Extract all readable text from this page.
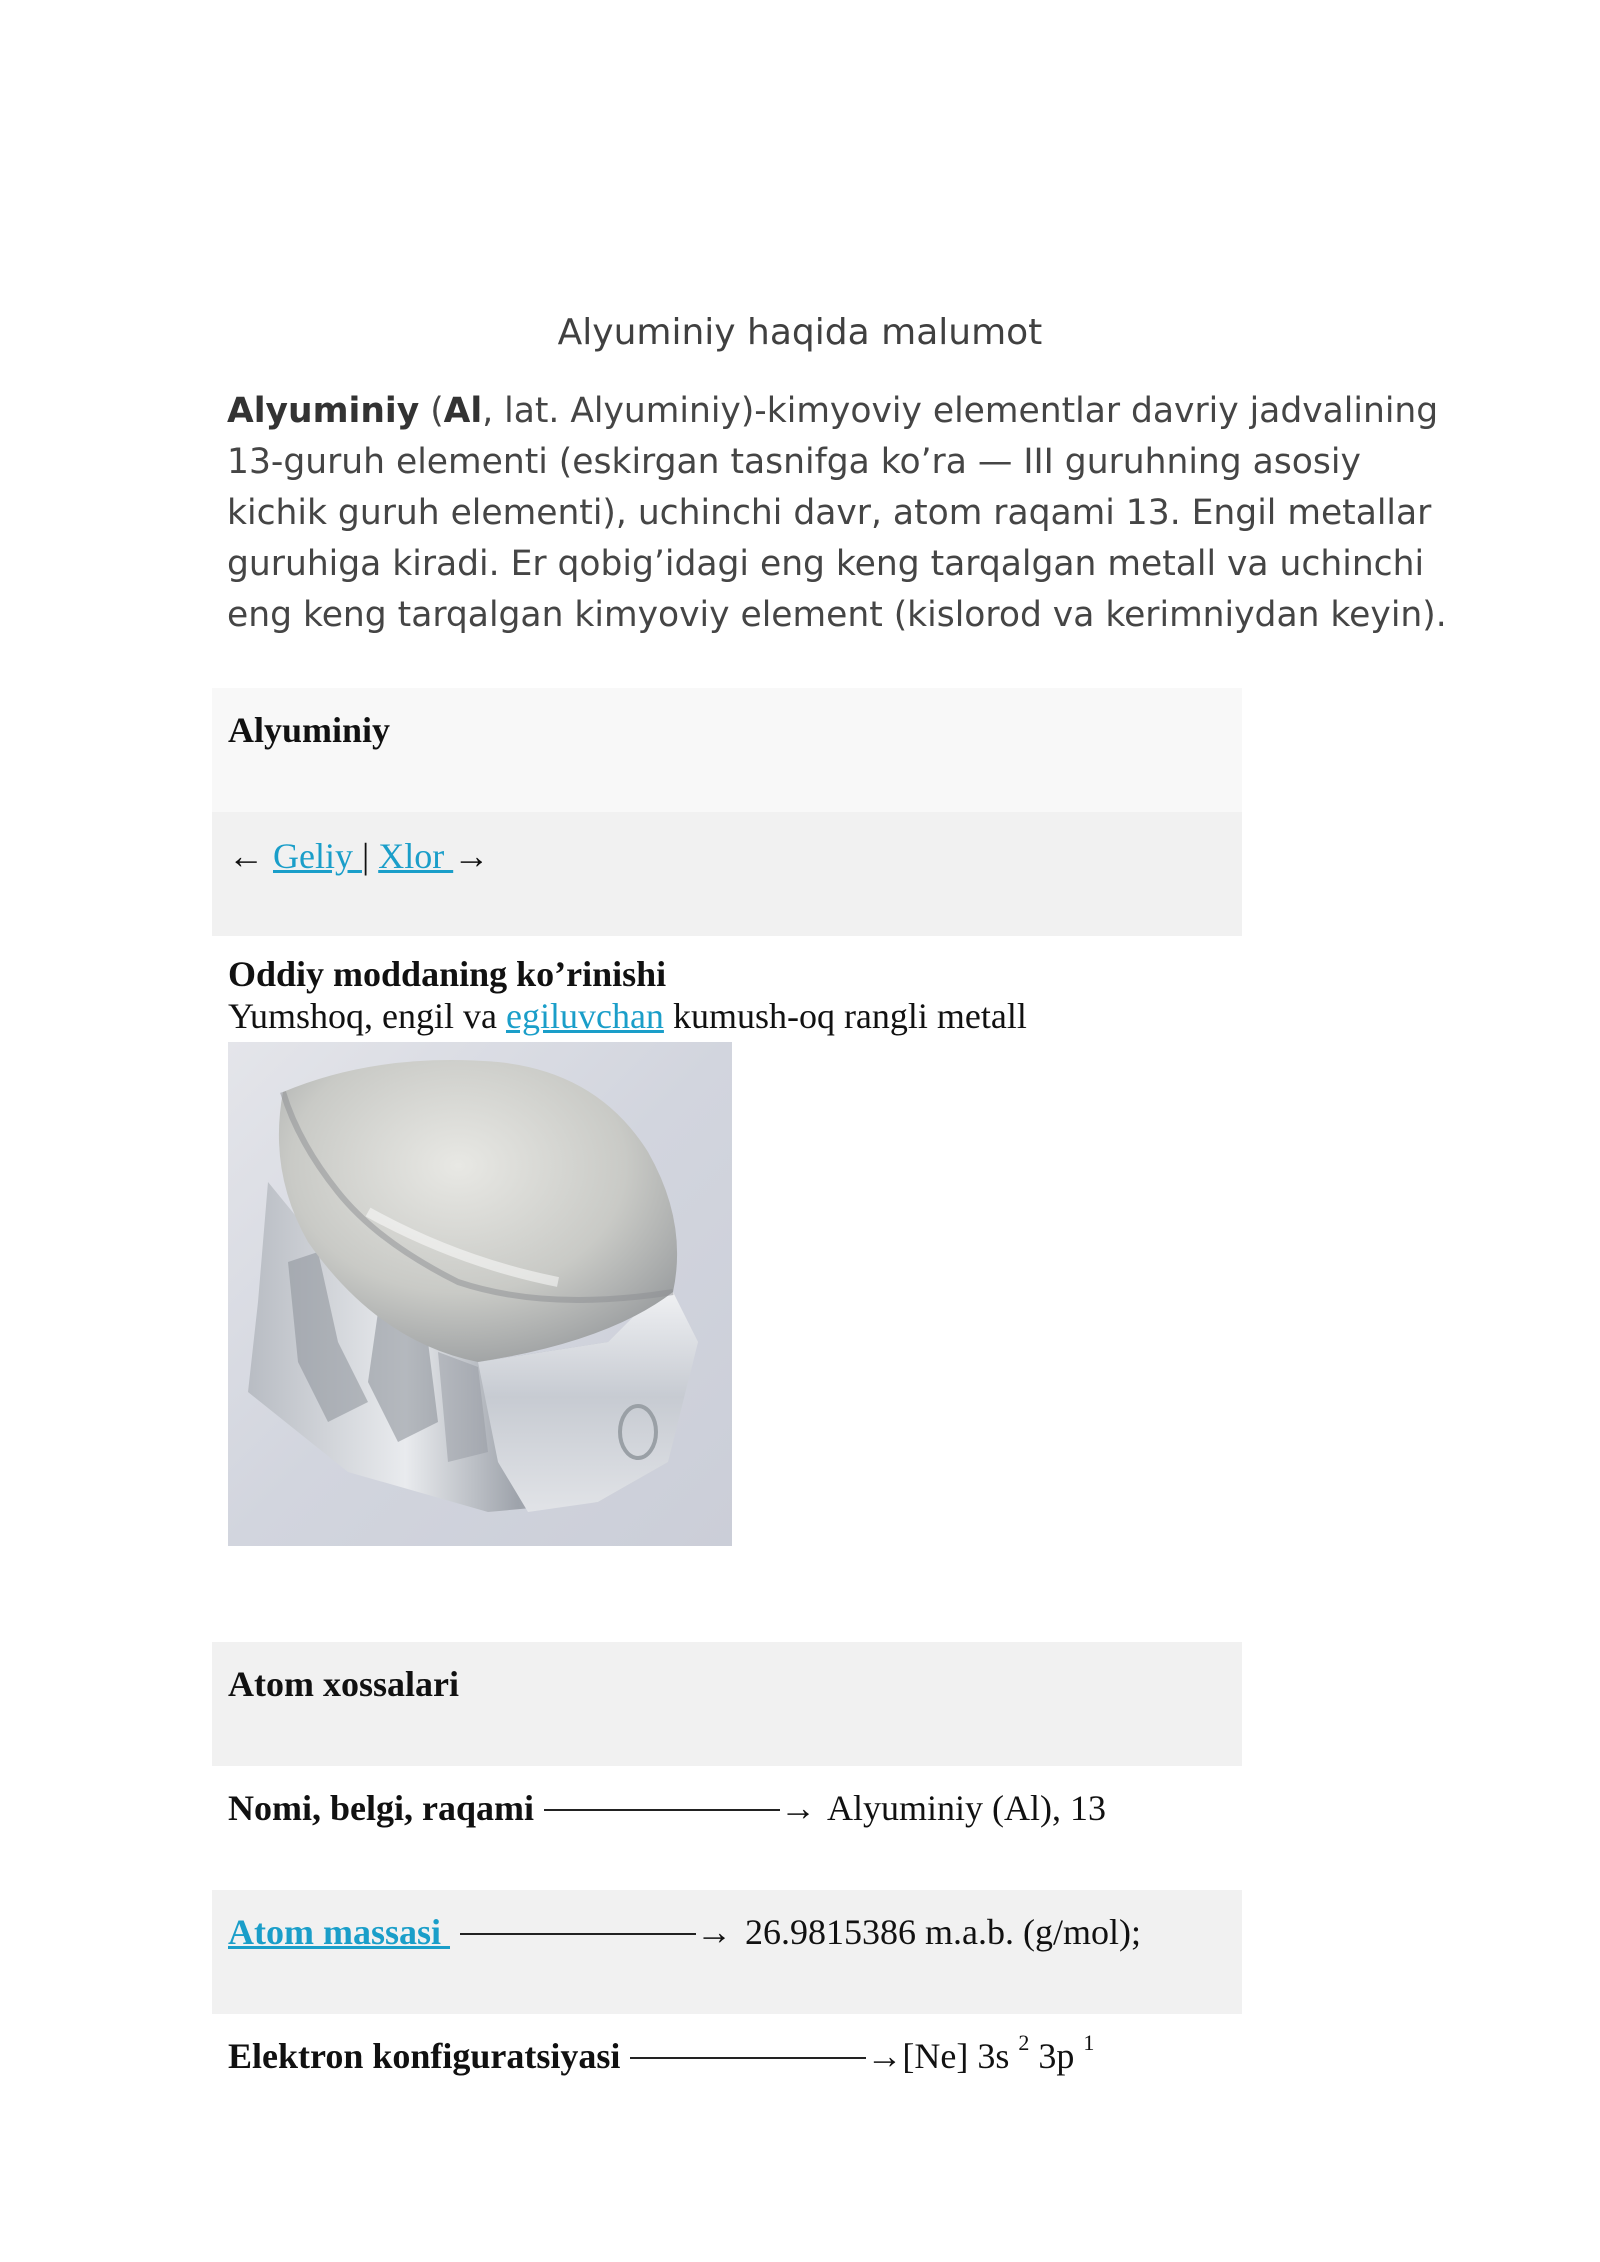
Alyuminiy haqida malumot
Alyuminiy (Al, lat. Alyuminiy)-kimyoviy elementlar davriy jadvalining
13-guruh elementi (eskirgan tasnifga ko’ra — III guruhning asosiy
kichik guruh elementi), uchinchi davr, atom raqami 13. Engil metallar
guruhiga kiradi. Er qobig’idagi eng keng tarqalgan metall va uchinchi
eng keng tarqalgan kimyoviy element (kislorod va kerimniydan keyin).
Alyuminiy
← Geliy | Xlor →
Oddiy moddaning ko’rinishi
Yumshoq, engil va egiluvchan kumush-oq rangli metall
Atom xossalari
Nomi, belgi, raqami	→ Alyuminiy (Al), 13
Atom massasi	→ 26.9815386 m.a.b. (g/mol);
Elektron konfiguratsiyasi	→[Ne] 3s $^2$ 3p $^1$
